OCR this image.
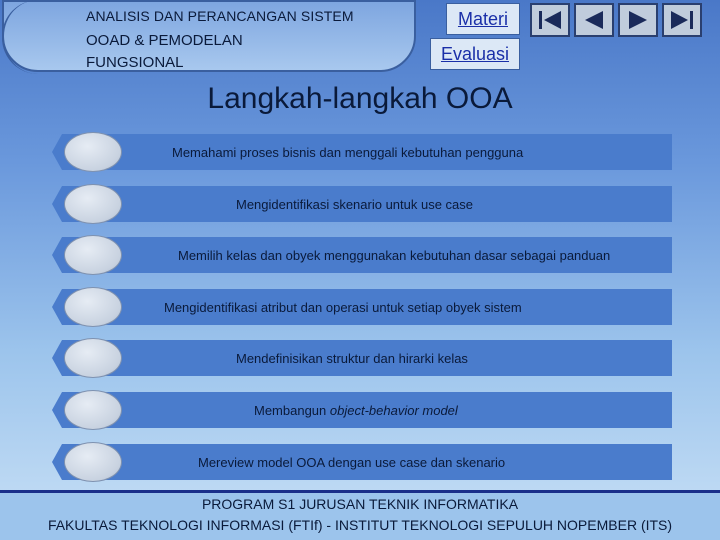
ANALISIS DAN PERANCANGAN SISTEM
OOAD & PEMODELAN
FUNGSIONAL
Materi
Evaluasi
Langkah-langkah OOA
Memahami proses bisnis dan menggali kebutuhan pengguna
Mengidentifikasi skenario untuk use case
Memilih kelas dan obyek menggunakan kebutuhan dasar sebagai panduan
Mengidentifikasi atribut dan operasi untuk setiap obyek sistem
Mendefinisikan struktur dan hirarki kelas
Membangun object-behavior model
Mereview model OOA dengan use case dan skenario
PROGRAM S1 JURUSAN TEKNIK INFORMATIKA
FAKULTAS TEKNOLOGI INFORMASI (FTIf) - INSTITUT TEKNOLOGI SEPULUH NOPEMBER (ITS)
